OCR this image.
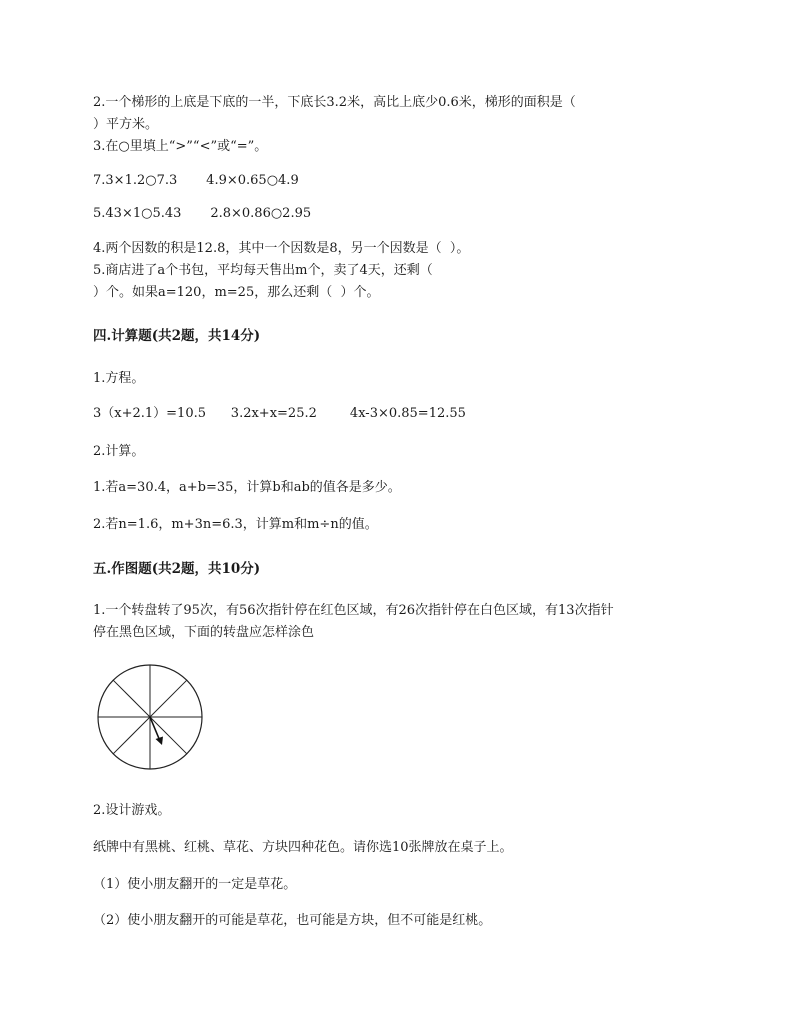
2.一个梯形的上底是下底的一半，下底长3.2米，高比上底少0.6米，梯形的面积是（
）平方米。
3.在○里填上“>”“<”或“=”。
7.3×1.2○7.3       4.9×0.65○4.9
5.43×1○5.43       2.8×0.86○2.95
4.两个因数的积是12.8，其中一个因数是8，另一个因数是（  ）。
5.商店进了a个书包，平均每天售出m个，卖了4天，还剩（
）个。如果a=120，m=25，那么还剩（  ）个。
四.计算题(共2题，共14分)
1.方程。
3（x+2.1）=10.5      3.2x+x=25.2        4x-3×0.85=12.55
2.计算。
1.若a=30.4，a+b=35，计算b和ab的值各是多少。
2.若n=1.6，m+3n=6.3，计算m和m÷n的值。
五.作图题(共2题，共10分)
1.一个转盘转了95次，有56次指针停在红色区域，有26次指针停在白色区域，有13次指针
停在黑色区域，下面的转盘应怎样涂色
2.设计游戏。
纸牌中有黑桃、红桃、草花、方块四种花色。请你选10张牌放在桌子上。
（1）使小朋友翻开的一定是草花。
（2）使小朋友翻开的可能是草花，也可能是方块，但不可能是红桃。
